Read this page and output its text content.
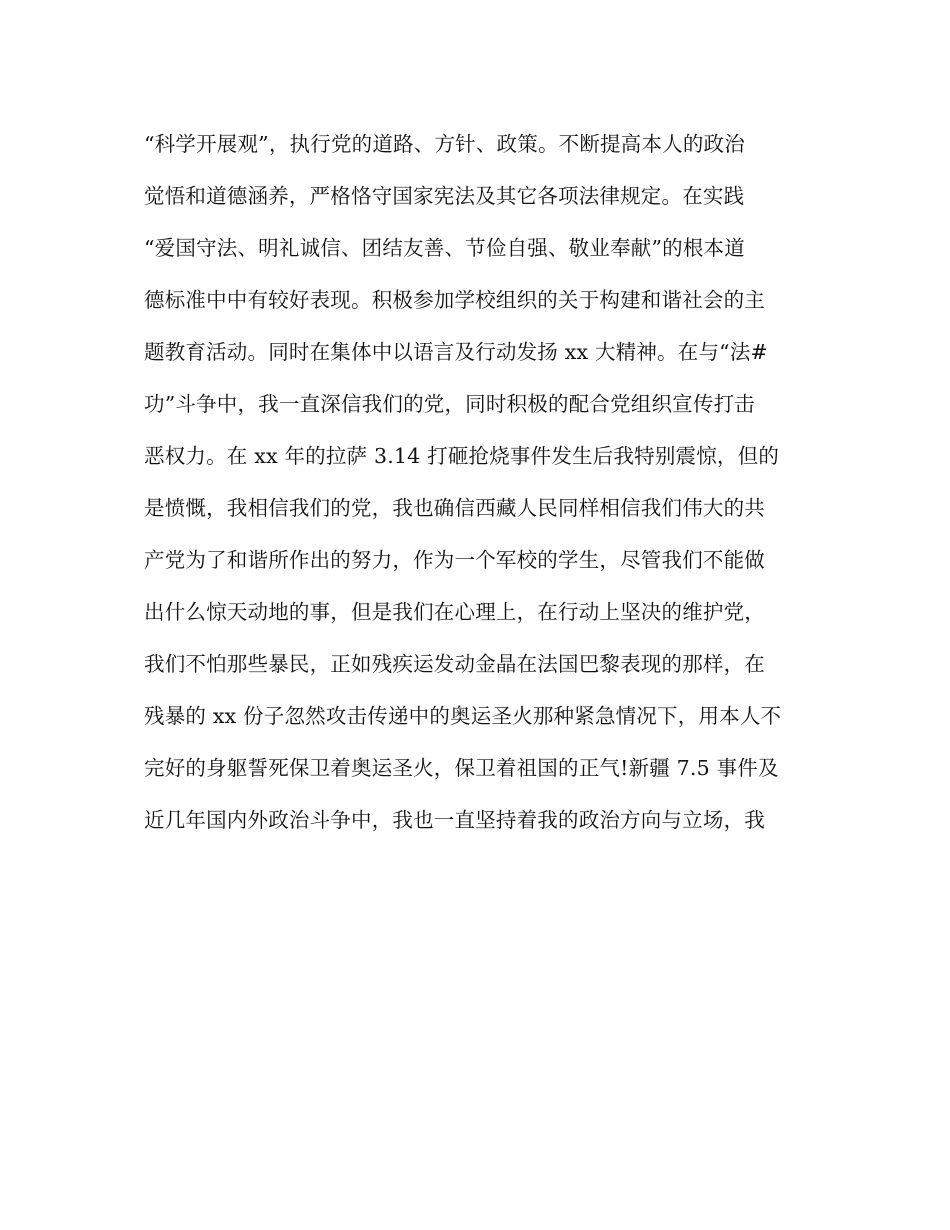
“科学开展观”，执行党的道路、方针、政策。不断提高本人的政治
觉悟和道德涵养，严格恪守国家宪法及其它各项法律规定。在实践
“爱国守法、明礼诚信、团结友善、节俭自强、敬业奉献”的根本道
德标准中中有较好表现。积极参加学校组织的关于构建和谐社会的主
题教育活动。同时在集体中以语言及行动发扬 xx 大精神。在与“法#
功”斗争中，我一直深信我们的党，同时积极的配合党组织宣传打击
恶权力。在 xx 年的拉萨 3.14 打砸抢烧事件发生后我特别震惊，但的
是愤慨，我相信我们的党，我也确信西藏人民同样相信我们伟大的共
产党为了和谐所作出的努力，作为一个军校的学生，尽管我们不能做
出什么惊天动地的事，但是我们在心理上，在行动上坚决的维护党，
我们不怕那些暴民，正如残疾运发动金晶在法国巴黎表现的那样，在
残暴的 xx 份子忽然攻击传递中的奥运圣火那种紧急情况下，用本人不
完好的身躯誓死保卫着奥运圣火，保卫着祖国的正气!新疆 7.5 事件及
近几年国内外政治斗争中，我也一直坚持着我的政治方向与立场，我
